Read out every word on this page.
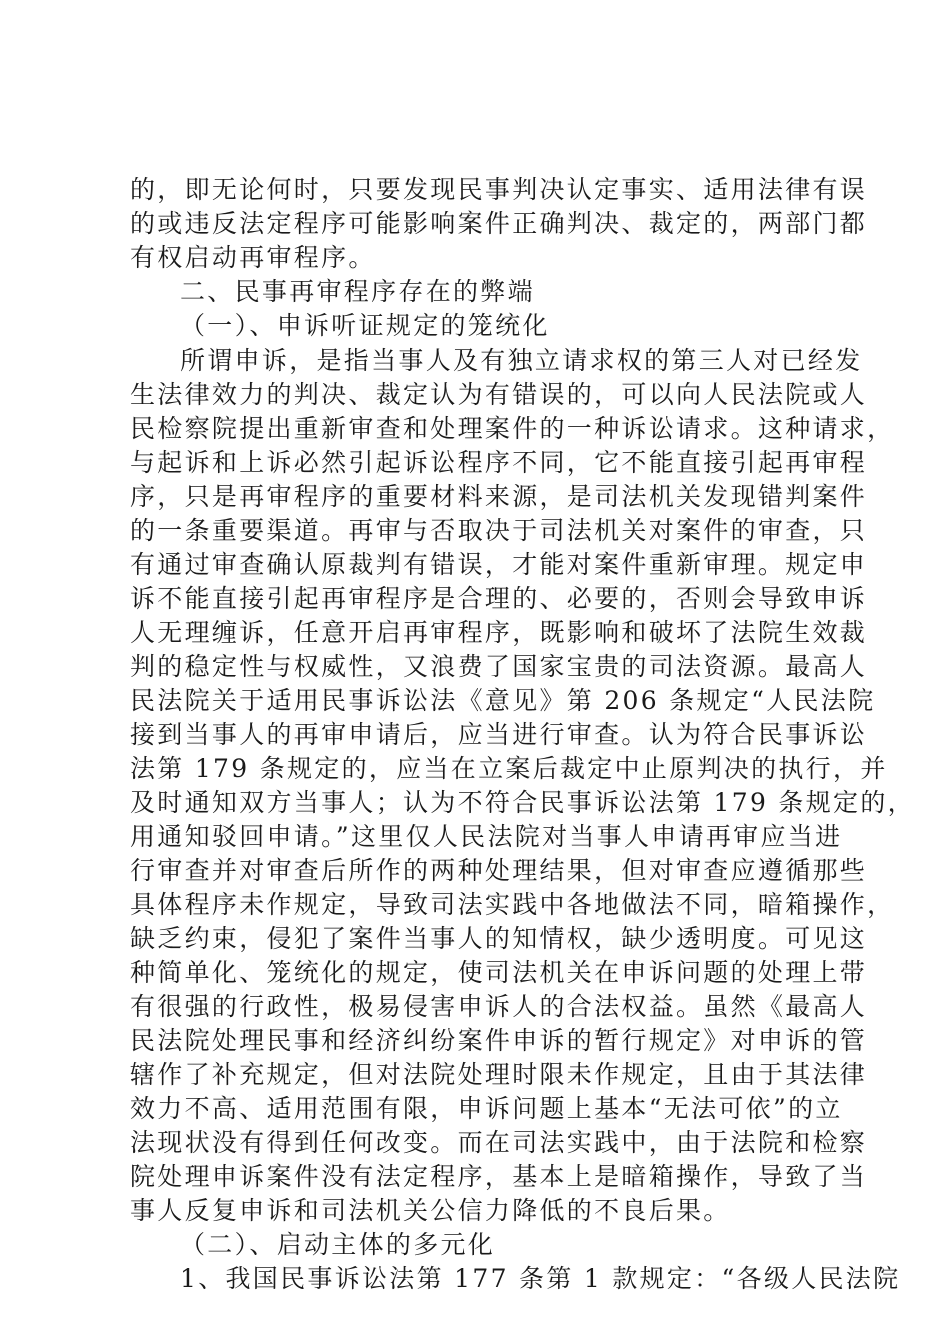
的，即无论何时，只要发现民事判决认定事实、适用法律有误
的或违反法定程序可能影响案件正确判决、裁定的，两部门都
有权启动再审程序。
二、民事再审程序存在的弊端
（一）、申诉听证规定的笼统化
所谓申诉，是指当事人及有独立请求权的第三人对已经发
生法律效力的判决、裁定认为有错误的，可以向人民法院或人
民检察院提出重新审查和处理案件的一种诉讼请求。这种请求，
与起诉和上诉必然引起诉讼程序不同，它不能直接引起再审程
序，只是再审程序的重要材料来源，是司法机关发现错判案件
的一条重要渠道。再审与否取决于司法机关对案件的审查，只
有通过审查确认原裁判有错误，才能对案件重新审理。规定申
诉不能直接引起再审程序是合理的、必要的，否则会导致申诉
人无理缠诉，任意开启再审程序，既影响和破坏了法院生效裁
判的稳定性与权威性，又浪费了国家宝贵的司法资源。最高人
民法院关于适用民事诉讼法《意见》第 206 条规定“人民法院
接到当事人的再审申请后，应当进行审查。认为符合民事诉讼
法第 179 条规定的，应当在立案后裁定中止原判决的执行，并
及时通知双方当事人；认为不符合民事诉讼法第 179 条规定的，
用通知驳回申请。”这里仅人民法院对当事人申请再审应当进
行审查并对审查后所作的两种处理结果，但对审查应遵循那些
具体程序未作规定，导致司法实践中各地做法不同，暗箱操作，
缺乏约束，侵犯了案件当事人的知情权，缺少透明度。可见这
种简单化、笼统化的规定，使司法机关在申诉问题的处理上带
有很强的行政性，极易侵害申诉人的合法权益。虽然《最高人
民法院处理民事和经济纠纷案件申诉的暂行规定》对申诉的管
辖作了补充规定，但对法院处理时限未作规定，且由于其法律
效力不高、适用范围有限，申诉问题上基本“无法可依”的立
法现状没有得到任何改变。而在司法实践中，由于法院和检察
院处理申诉案件没有法定程序，基本上是暗箱操作，导致了当
事人反复申诉和司法机关公信力降低的不良后果。
（二）、启动主体的多元化
1、我国民事诉讼法第 177 条第 1 款规定：“各级人民法院
